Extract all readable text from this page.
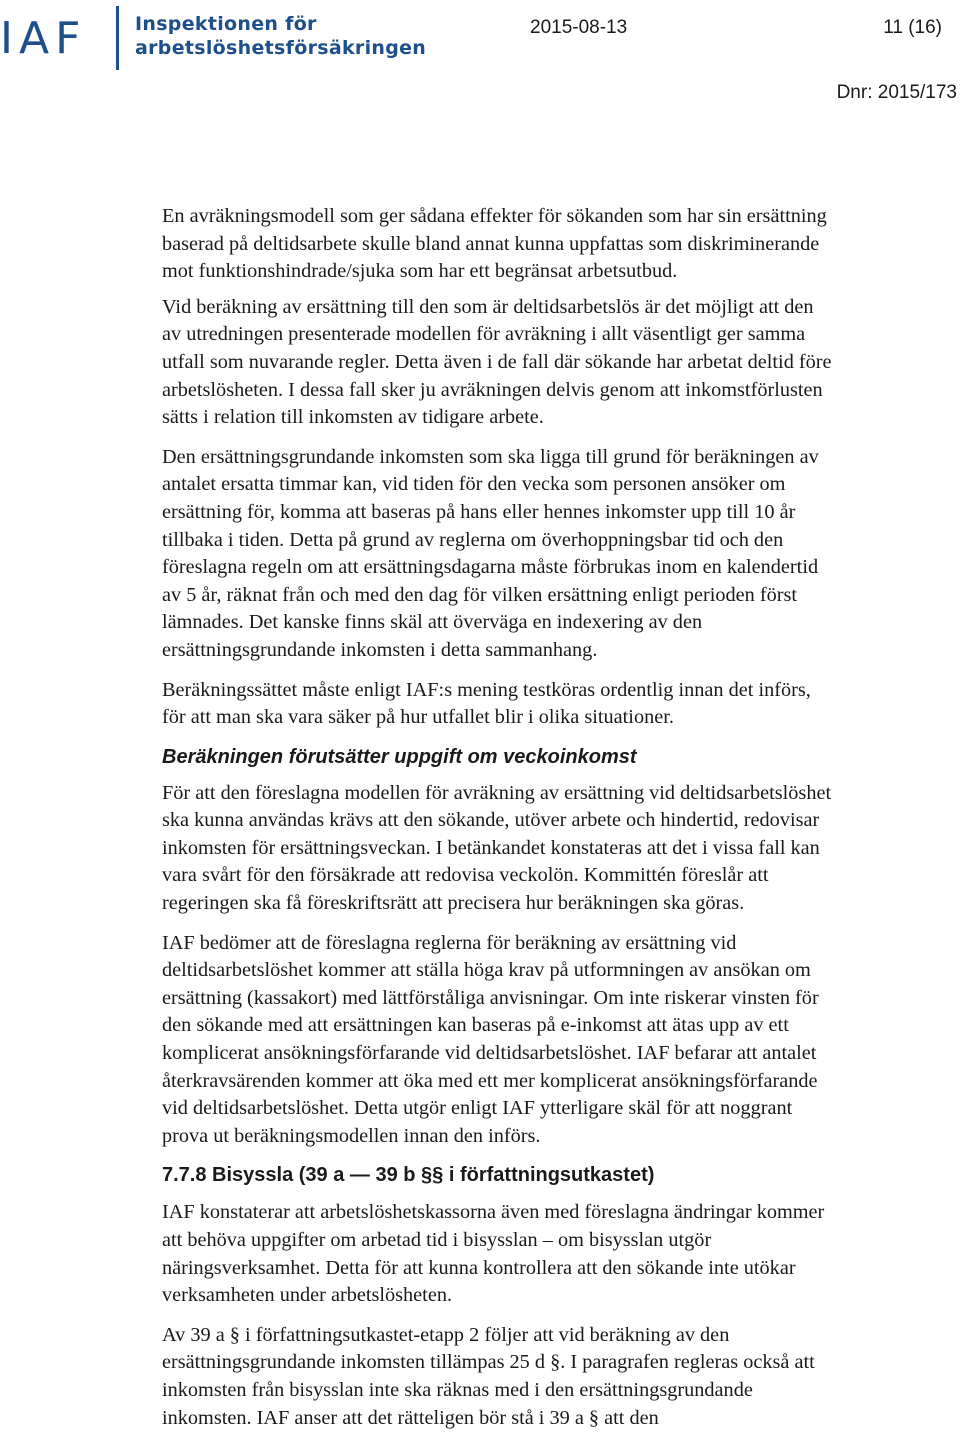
IAF	Inspektionen för
arbetslöshetsförsäkringen
2015-08-13	11 (16)
Dnr: 2015/173
En avräkningsmodell som ger sådana effekter för sökanden som har sin ersättning
baserad på deltidsarbete skulle bland annat kunna uppfattas som diskriminerande
mot funktionshindrade/sjuka som har ett begränsat arbetsutbud.
Vid beräkning av ersättning till den som är deltidsarbetslös är det möjligt att den
av utredningen presenterade modellen för avräkning i allt väsentligt ger samma
utfall som nuvarande regler. Detta även i de fall där sökande har arbetat deltid före
arbetslösheten. I dessa fall sker ju avräkningen delvis genom att inkomstförlusten
sätts i relation till inkomsten av tidigare arbete.
Den ersättningsgrundande inkomsten som ska ligga till grund för beräkningen av
antalet ersatta timmar kan, vid tiden för den vecka som personen ansöker om
ersättning för, komma att baseras på hans eller hennes inkomster upp till 10 år
tillbaka i tiden. Detta på grund av reglerna om överhoppningsbar tid och den
föreslagna regeln om att ersättningsdagarna måste förbrukas inom en kalendertid
av 5 år, räknat från och med den dag för vilken ersättning enligt perioden först
lämnades. Det kanske finns skäl att överväga en indexering av den
ersättningsgrundande inkomsten i detta sammanhang.
Beräkningssättet måste enligt IAF:s mening testköras ordentlig innan det införs,
för att man ska vara säker på hur utfallet blir i olika situationer.
Beräkningen förutsätter uppgift om veckoinkomst
För att den föreslagna modellen för avräkning av ersättning vid deltidsarbetslöshet
ska kunna användas krävs att den sökande, utöver arbete och hindertid, redovisar
inkomsten för ersättningsveckan. I betänkandet konstateras att det i vissa fall kan
vara svårt för den försäkrade att redovisa veckolön. Kommittén föreslår att
regeringen ska få föreskriftsrätt att precisera hur beräkningen ska göras.
IAF bedömer att de föreslagna reglerna för beräkning av ersättning vid
deltidsarbetslöshet kommer att ställa höga krav på utformningen av ansökan om
ersättning (kassakort) med lättförståliga anvisningar. Om inte riskerar vinsten för
den sökande med att ersättningen kan baseras på e-inkomst att ätas upp av ett
komplicerat ansökningsförfarande vid deltidsarbetslöshet. IAF befarar att antalet
återkravsärenden kommer att öka med ett mer komplicerat ansökningsförfarande
vid deltidsarbetslöshet. Detta utgör enligt IAF ytterligare skäl för att noggrant
prova ut beräkningsmodellen innan den införs.
7.7.8 Bisyssla (39 a — 39 b §§ i författningsutkastet)
IAF konstaterar att arbetslöshetskassorna även med föreslagna ändringar kommer
att behöva uppgifter om arbetad tid i bisysslan – om bisysslan utgör
näringsverksamhet. Detta för att kunna kontrollera att den sökande inte utökar
verksamheten under arbetslösheten.
Av 39 a § i författningsutkastet-etapp 2 följer att vid beräkning av den
ersättningsgrundande inkomsten tillämpas 25 d §. I paragrafen regleras också att
inkomsten från bisysslan inte ska räknas med i den ersättningsgrundande
inkomsten. IAF anser att det rätteligen bör stå i 39 a § att den
